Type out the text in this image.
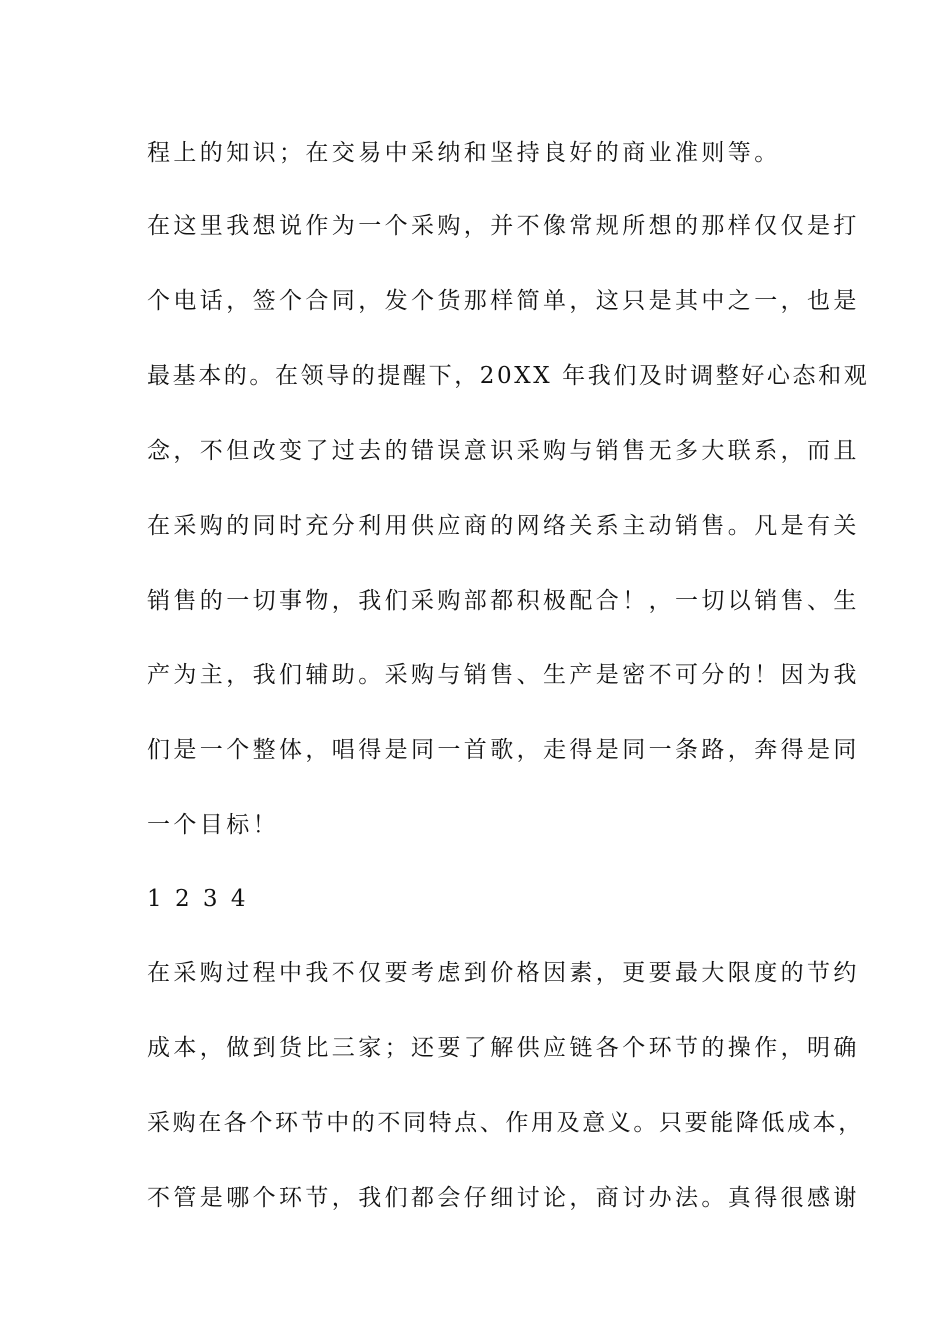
程上的知识；在交易中采纳和坚持良好的商业准则等。
在这里我想说作为一个采购，并不像常规所想的那样仅仅是打
个电话，签个合同，发个货那样简单，这只是其中之一，也是
最基本的。在领导的提醒下，20XX 年我们及时调整好心态和观
念，不但改变了过去的错误意识采购与销售无多大联系，而且
在采购的同时充分利用供应商的网络关系主动销售。凡是有关
销售的一切事物，我们采购部都积极配合！，一切以销售、生
产为主，我们辅助。采购与销售、生产是密不可分的！因为我
们是一个整体，唱得是同一首歌，走得是同一条路，奔得是同
一个目标！
1 2 3 4
在采购过程中我不仅要考虑到价格因素，更要最大限度的节约
成本，做到货比三家；还要了解供应链各个环节的操作，明确
采购在各个环节中的不同特点、作用及意义。只要能降低成本，
不管是哪个环节，我们都会仔细讨论，商讨办法。真得很感谢
